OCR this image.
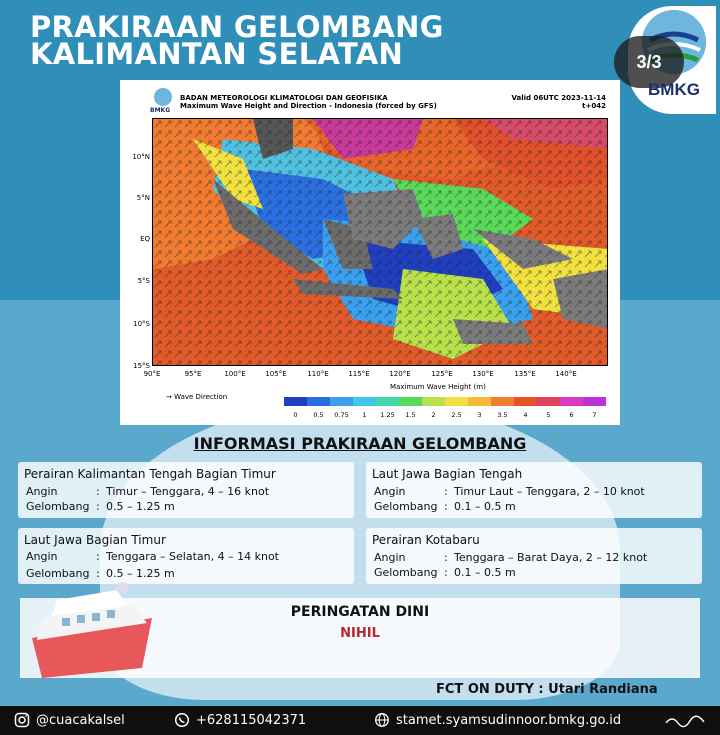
PRAKIRAAN GELOMBANG
KALIMANTAN SELATAN	3/3
BMKG
BMKG
BADAN METEOROLOGI KLIMATOLOGI DAN GEOFISIKA
Maximum Wave Height and Direction - Indonesia (forced by GFS)
Valid 06UTC 2023-11-14
t+042
10°N
5°N
EQ
5°S
10°S
15°S
90°E	95°E	100°E	105°E	110°E	115°E	120°E	125°E	130°E	135°E	140°E
Maximum Wave Height (m)
→ Wave Direction
0 0.5 0.75 1 1.25 1.5 2 2.5 3 3.5 4	5	6	7
INFORMASI PRAKIRAAN GELOMBANG
Perairan Kalimantan Tengah Bagian Timur
Angin	: Timur – Tenggara, 4 – 16 knot
Gelombang : 0.5 – 1.25 m
Laut Jawa Bagian Tengah
Angin	: Timur Laut – Tenggara, 2 – 10 knot
Gelombang : 0.1 – 0.5 m
Laut Jawa Bagian Timur
Angin	: Tenggara – Selatan, 4 – 14 knot
Gelombang : 0.5 – 1.25 m
Perairan Kotabaru
Angin	: Tenggara – Barat Daya, 2 – 12 knot
Gelombang : 0.1 – 0.5 m
PERINGATAN DINI
NIHIL
FCT ON DUTY : Utari Randiana
@cuacakalsel	+628115042371	stamet.syamsudinnoor.bmkg.go.id
